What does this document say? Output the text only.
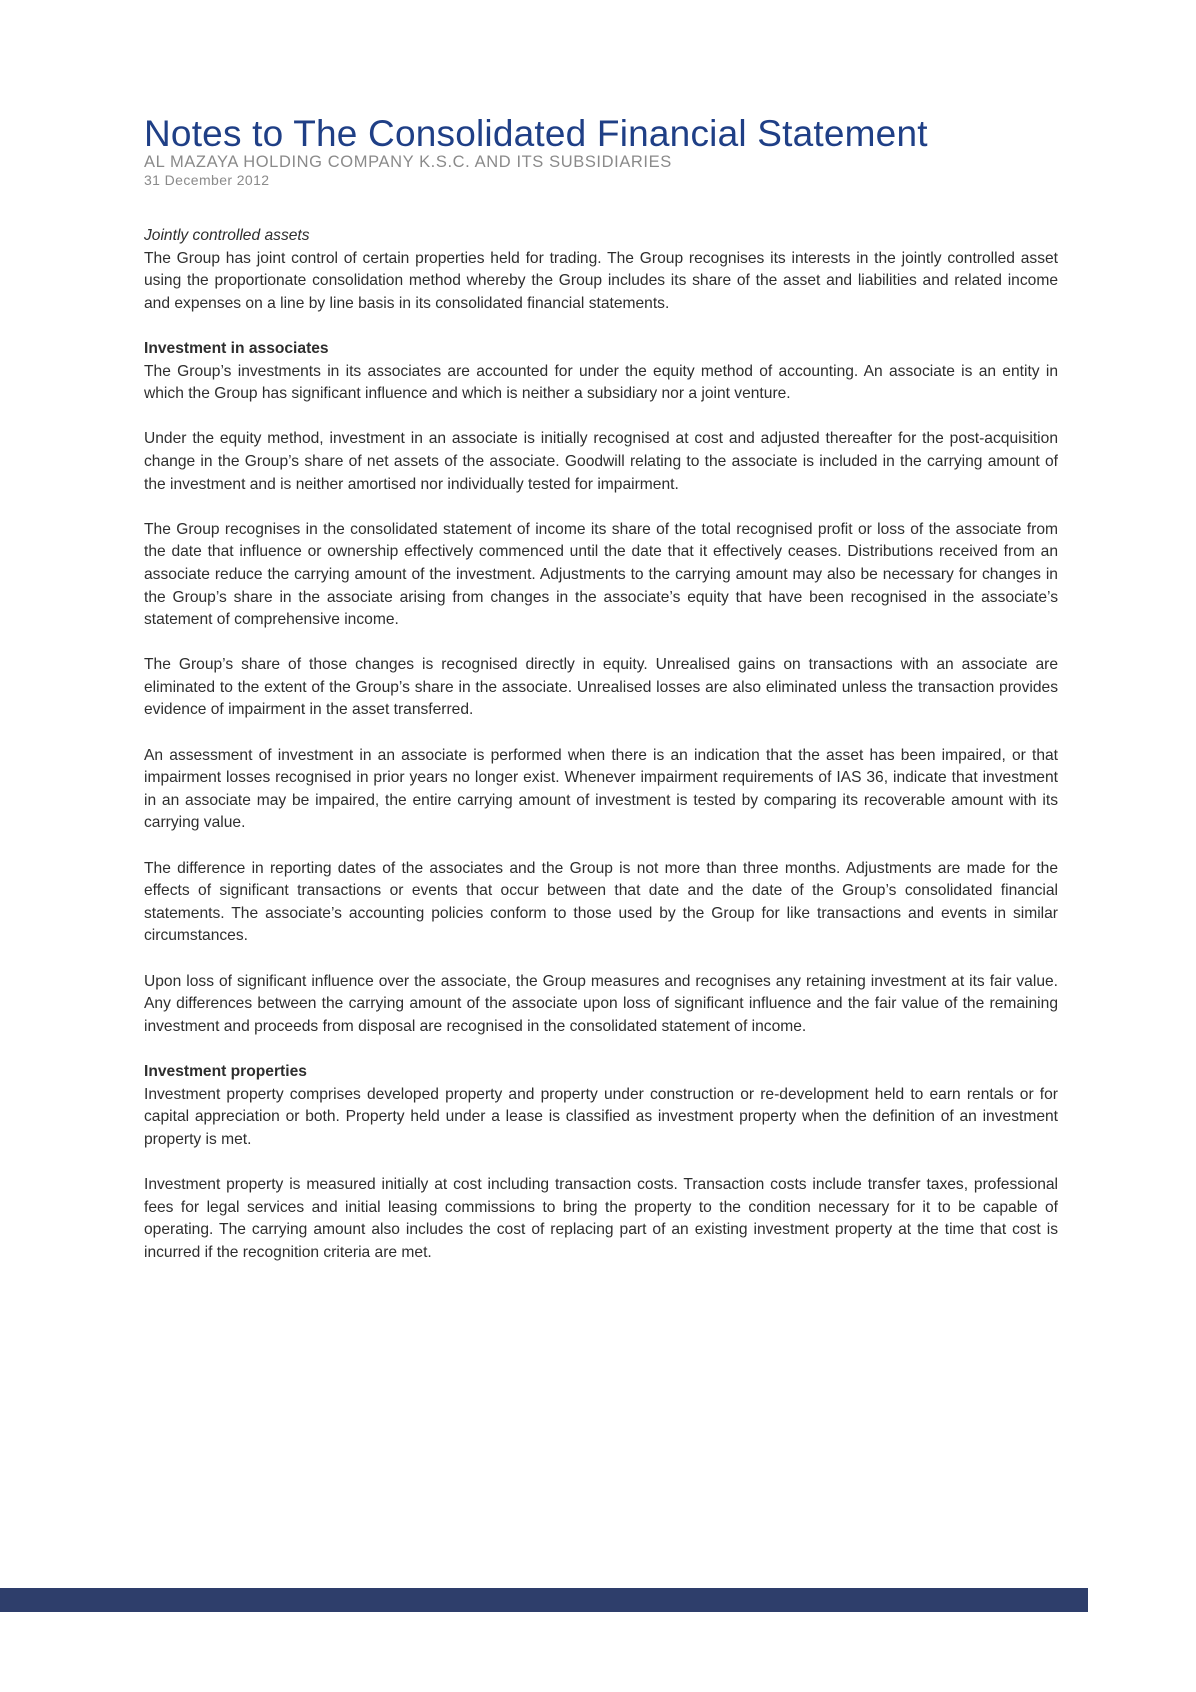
Notes to The Consolidated Financial Statement
AL MAZAYA HOLDING COMPANY K.S.C. AND ITS SUBSIDIARIES
31 December 2012

Jointly controlled assets

The Group has joint control of certain properties held for trading. The Group recognises its interests in the jointly controlled asset using the proportionate consolidation method whereby the Group includes its share of the asset and liabilities and related income and expenses on a line by line basis in its consolidated financial statements.

Investment in associates

The Group’s investments in its associates are accounted for under the equity method of accounting. An associate is an entity in which the Group has significant influence and which is neither a subsidiary nor a joint venture.

Under the equity method, investment in an associate is initially recognised at cost and adjusted thereafter for the post-acquisition change in the Group’s share of net assets of the associate. Goodwill relating to the associate is included in the carrying amount of the investment and is neither amortised nor individually tested for impairment.

The Group recognises in the consolidated statement of income its share of the total recognised profit or loss of the associate from the date that influence or ownership effectively commenced until the date that it effectively ceases. Distributions received from an associate reduce the carrying amount of the investment. Adjustments to the carrying amount may also be necessary for changes in the Group’s share in the associate arising from changes in the associate’s equity that have been recognised in the associate’s statement of comprehensive income.

The Group’s share of those changes is recognised directly in equity. Unrealised gains on transactions with an associate are eliminated to the extent of the Group’s share in the associate. Unrealised losses are also eliminated unless the transaction provides evidence of impairment in the asset transferred.

An assessment of investment in an associate is performed when there is an indication that the asset has been impaired, or that impairment losses recognised in prior years no longer exist. Whenever impairment requirements of IAS 36, indicate that investment in an associate may be impaired, the entire carrying amount of investment is tested by comparing its recoverable amount with its carrying value.

The difference in reporting dates of the associates and the Group is not more than three months. Adjustments are made for the effects of significant transactions or events that occur between that date and the date of the Group’s consolidated financial statements. The associate’s accounting policies conform to those used by the Group for like transactions and events in similar circumstances.

Upon loss of significant influence over the associate, the Group measures and recognises any retaining investment at its fair value. Any differences between the carrying amount of the associate upon loss of significant influence and the fair value of the remaining investment and proceeds from disposal are recognised in the consolidated statement of income.

Investment properties

Investment property comprises developed property and property under construction or re-development held to earn rentals or for capital appreciation or both. Property held under a lease is classified as investment property when the definition of an investment property is met.

Investment property is measured initially at cost including transaction costs. Transaction costs include transfer taxes, professional fees for legal services and initial leasing commissions to bring the property to the condition necessary for it to be capable of operating. The carrying amount also includes the cost of replacing part of an existing investment property at the time that cost is incurred if the recognition criteria are met.
